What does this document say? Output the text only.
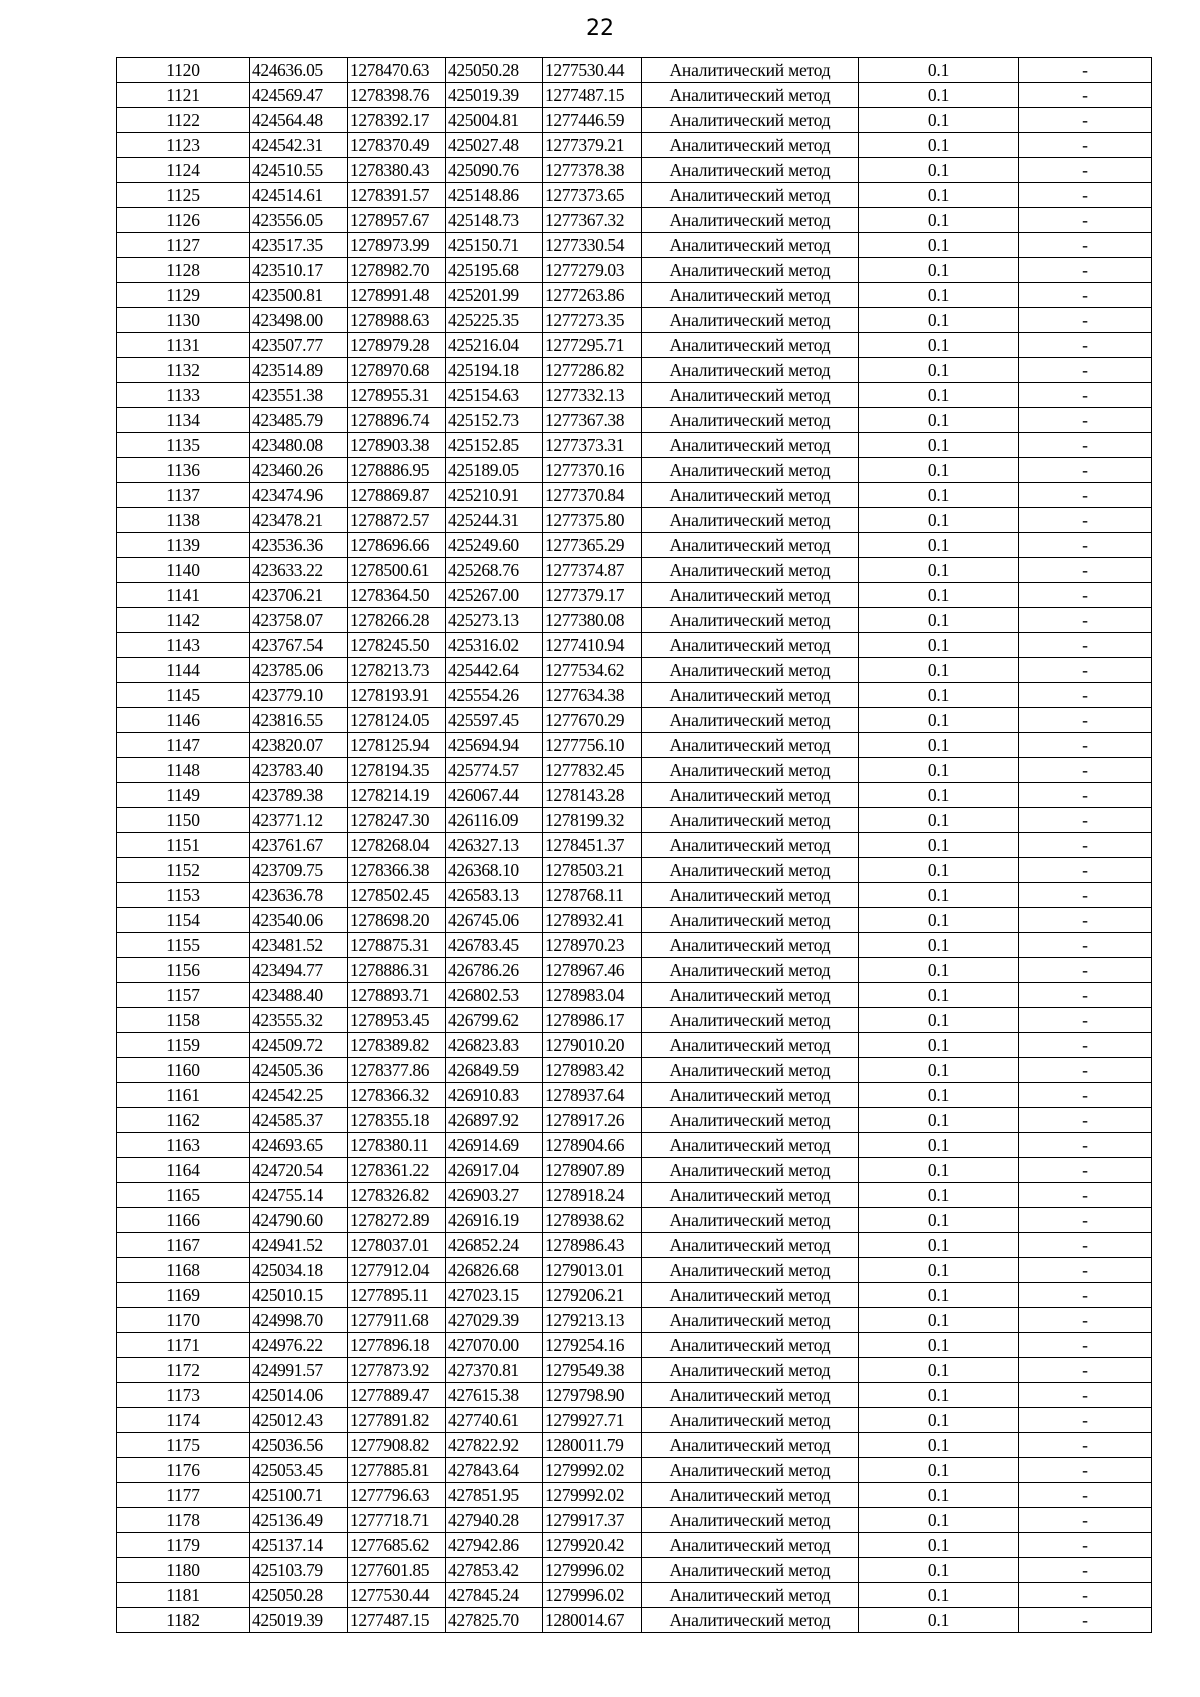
22
1120	424636.05	1278470.63	425050.28	1277530.44	Аналитический метод	0.1	-
1121	424569.47	1278398.76	425019.39	1277487.15	Аналитический метод	0.1	-
1122	424564.48	1278392.17	425004.81	1277446.59	Аналитический метод	0.1	-
1123	424542.31	1278370.49	425027.48	1277379.21	Аналитический метод	0.1	-
1124	424510.55	1278380.43	425090.76	1277378.38	Аналитический метод	0.1	-
1125	424514.61	1278391.57	425148.86	1277373.65	Аналитический метод	0.1	-
1126	423556.05	1278957.67	425148.73	1277367.32	Аналитический метод	0.1	-
1127	423517.35	1278973.99	425150.71	1277330.54	Аналитический метод	0.1	-
1128	423510.17	1278982.70	425195.68	1277279.03	Аналитический метод	0.1	-
1129	423500.81	1278991.48	425201.99	1277263.86	Аналитический метод	0.1	-
1130	423498.00	1278988.63	425225.35	1277273.35	Аналитический метод	0.1	-
1131	423507.77	1278979.28	425216.04	1277295.71	Аналитический метод	0.1	-
1132	423514.89	1278970.68	425194.18	1277286.82	Аналитический метод	0.1	-
1133	423551.38	1278955.31	425154.63	1277332.13	Аналитический метод	0.1	-
1134	423485.79	1278896.74	425152.73	1277367.38	Аналитический метод	0.1	-
1135	423480.08	1278903.38	425152.85	1277373.31	Аналитический метод	0.1	-
1136	423460.26	1278886.95	425189.05	1277370.16	Аналитический метод	0.1	-
1137	423474.96	1278869.87	425210.91	1277370.84	Аналитический метод	0.1	-
1138	423478.21	1278872.57	425244.31	1277375.80	Аналитический метод	0.1	-
1139	423536.36	1278696.66	425249.60	1277365.29	Аналитический метод	0.1	-
1140	423633.22	1278500.61	425268.76	1277374.87	Аналитический метод	0.1	-
1141	423706.21	1278364.50	425267.00	1277379.17	Аналитический метод	0.1	-
1142	423758.07	1278266.28	425273.13	1277380.08	Аналитический метод	0.1	-
1143	423767.54	1278245.50	425316.02	1277410.94	Аналитический метод	0.1	-
1144	423785.06	1278213.73	425442.64	1277534.62	Аналитический метод	0.1	-
1145	423779.10	1278193.91	425554.26	1277634.38	Аналитический метод	0.1	-
1146	423816.55	1278124.05	425597.45	1277670.29	Аналитический метод	0.1	-
1147	423820.07	1278125.94	425694.94	1277756.10	Аналитический метод	0.1	-
1148	423783.40	1278194.35	425774.57	1277832.45	Аналитический метод	0.1	-
1149	423789.38	1278214.19	426067.44	1278143.28	Аналитический метод	0.1	-
1150	423771.12	1278247.30	426116.09	1278199.32	Аналитический метод	0.1	-
1151	423761.67	1278268.04	426327.13	1278451.37	Аналитический метод	0.1	-
1152	423709.75	1278366.38	426368.10	1278503.21	Аналитический метод	0.1	-
1153	423636.78	1278502.45	426583.13	1278768.11	Аналитический метод	0.1	-
1154	423540.06	1278698.20	426745.06	1278932.41	Аналитический метод	0.1	-
1155	423481.52	1278875.31	426783.45	1278970.23	Аналитический метод	0.1	-
1156	423494.77	1278886.31	426786.26	1278967.46	Аналитический метод	0.1	-
1157	423488.40	1278893.71	426802.53	1278983.04	Аналитический метод	0.1	-
1158	423555.32	1278953.45	426799.62	1278986.17	Аналитический метод	0.1	-
1159	424509.72	1278389.82	426823.83	1279010.20	Аналитический метод	0.1	-
1160	424505.36	1278377.86	426849.59	1278983.42	Аналитический метод	0.1	-
1161	424542.25	1278366.32	426910.83	1278937.64	Аналитический метод	0.1	-
1162	424585.37	1278355.18	426897.92	1278917.26	Аналитический метод	0.1	-
1163	424693.65	1278380.11	426914.69	1278904.66	Аналитический метод	0.1	-
1164	424720.54	1278361.22	426917.04	1278907.89	Аналитический метод	0.1	-
1165	424755.14	1278326.82	426903.27	1278918.24	Аналитический метод	0.1	-
1166	424790.60	1278272.89	426916.19	1278938.62	Аналитический метод	0.1	-
1167	424941.52	1278037.01	426852.24	1278986.43	Аналитический метод	0.1	-
1168	425034.18	1277912.04	426826.68	1279013.01	Аналитический метод	0.1	-
1169	425010.15	1277895.11	427023.15	1279206.21	Аналитический метод	0.1	-
1170	424998.70	1277911.68	427029.39	1279213.13	Аналитический метод	0.1	-
1171	424976.22	1277896.18	427070.00	1279254.16	Аналитический метод	0.1	-
1172	424991.57	1277873.92	427370.81	1279549.38	Аналитический метод	0.1	-
1173	425014.06	1277889.47	427615.38	1279798.90	Аналитический метод	0.1	-
1174	425012.43	1277891.82	427740.61	1279927.71	Аналитический метод	0.1	-
1175	425036.56	1277908.82	427822.92	1280011.79	Аналитический метод	0.1	-
1176	425053.45	1277885.81	427843.64	1279992.02	Аналитический метод	0.1	-
1177	425100.71	1277796.63	427851.95	1279992.02	Аналитический метод	0.1	-
1178	425136.49	1277718.71	427940.28	1279917.37	Аналитический метод	0.1	-
1179	425137.14	1277685.62	427942.86	1279920.42	Аналитический метод	0.1	-
1180	425103.79	1277601.85	427853.42	1279996.02	Аналитический метод	0.1	-
1181	425050.28	1277530.44	427845.24	1279996.02	Аналитический метод	0.1	-
1182	425019.39	1277487.15	427825.70	1280014.67	Аналитический метод	0.1	-
